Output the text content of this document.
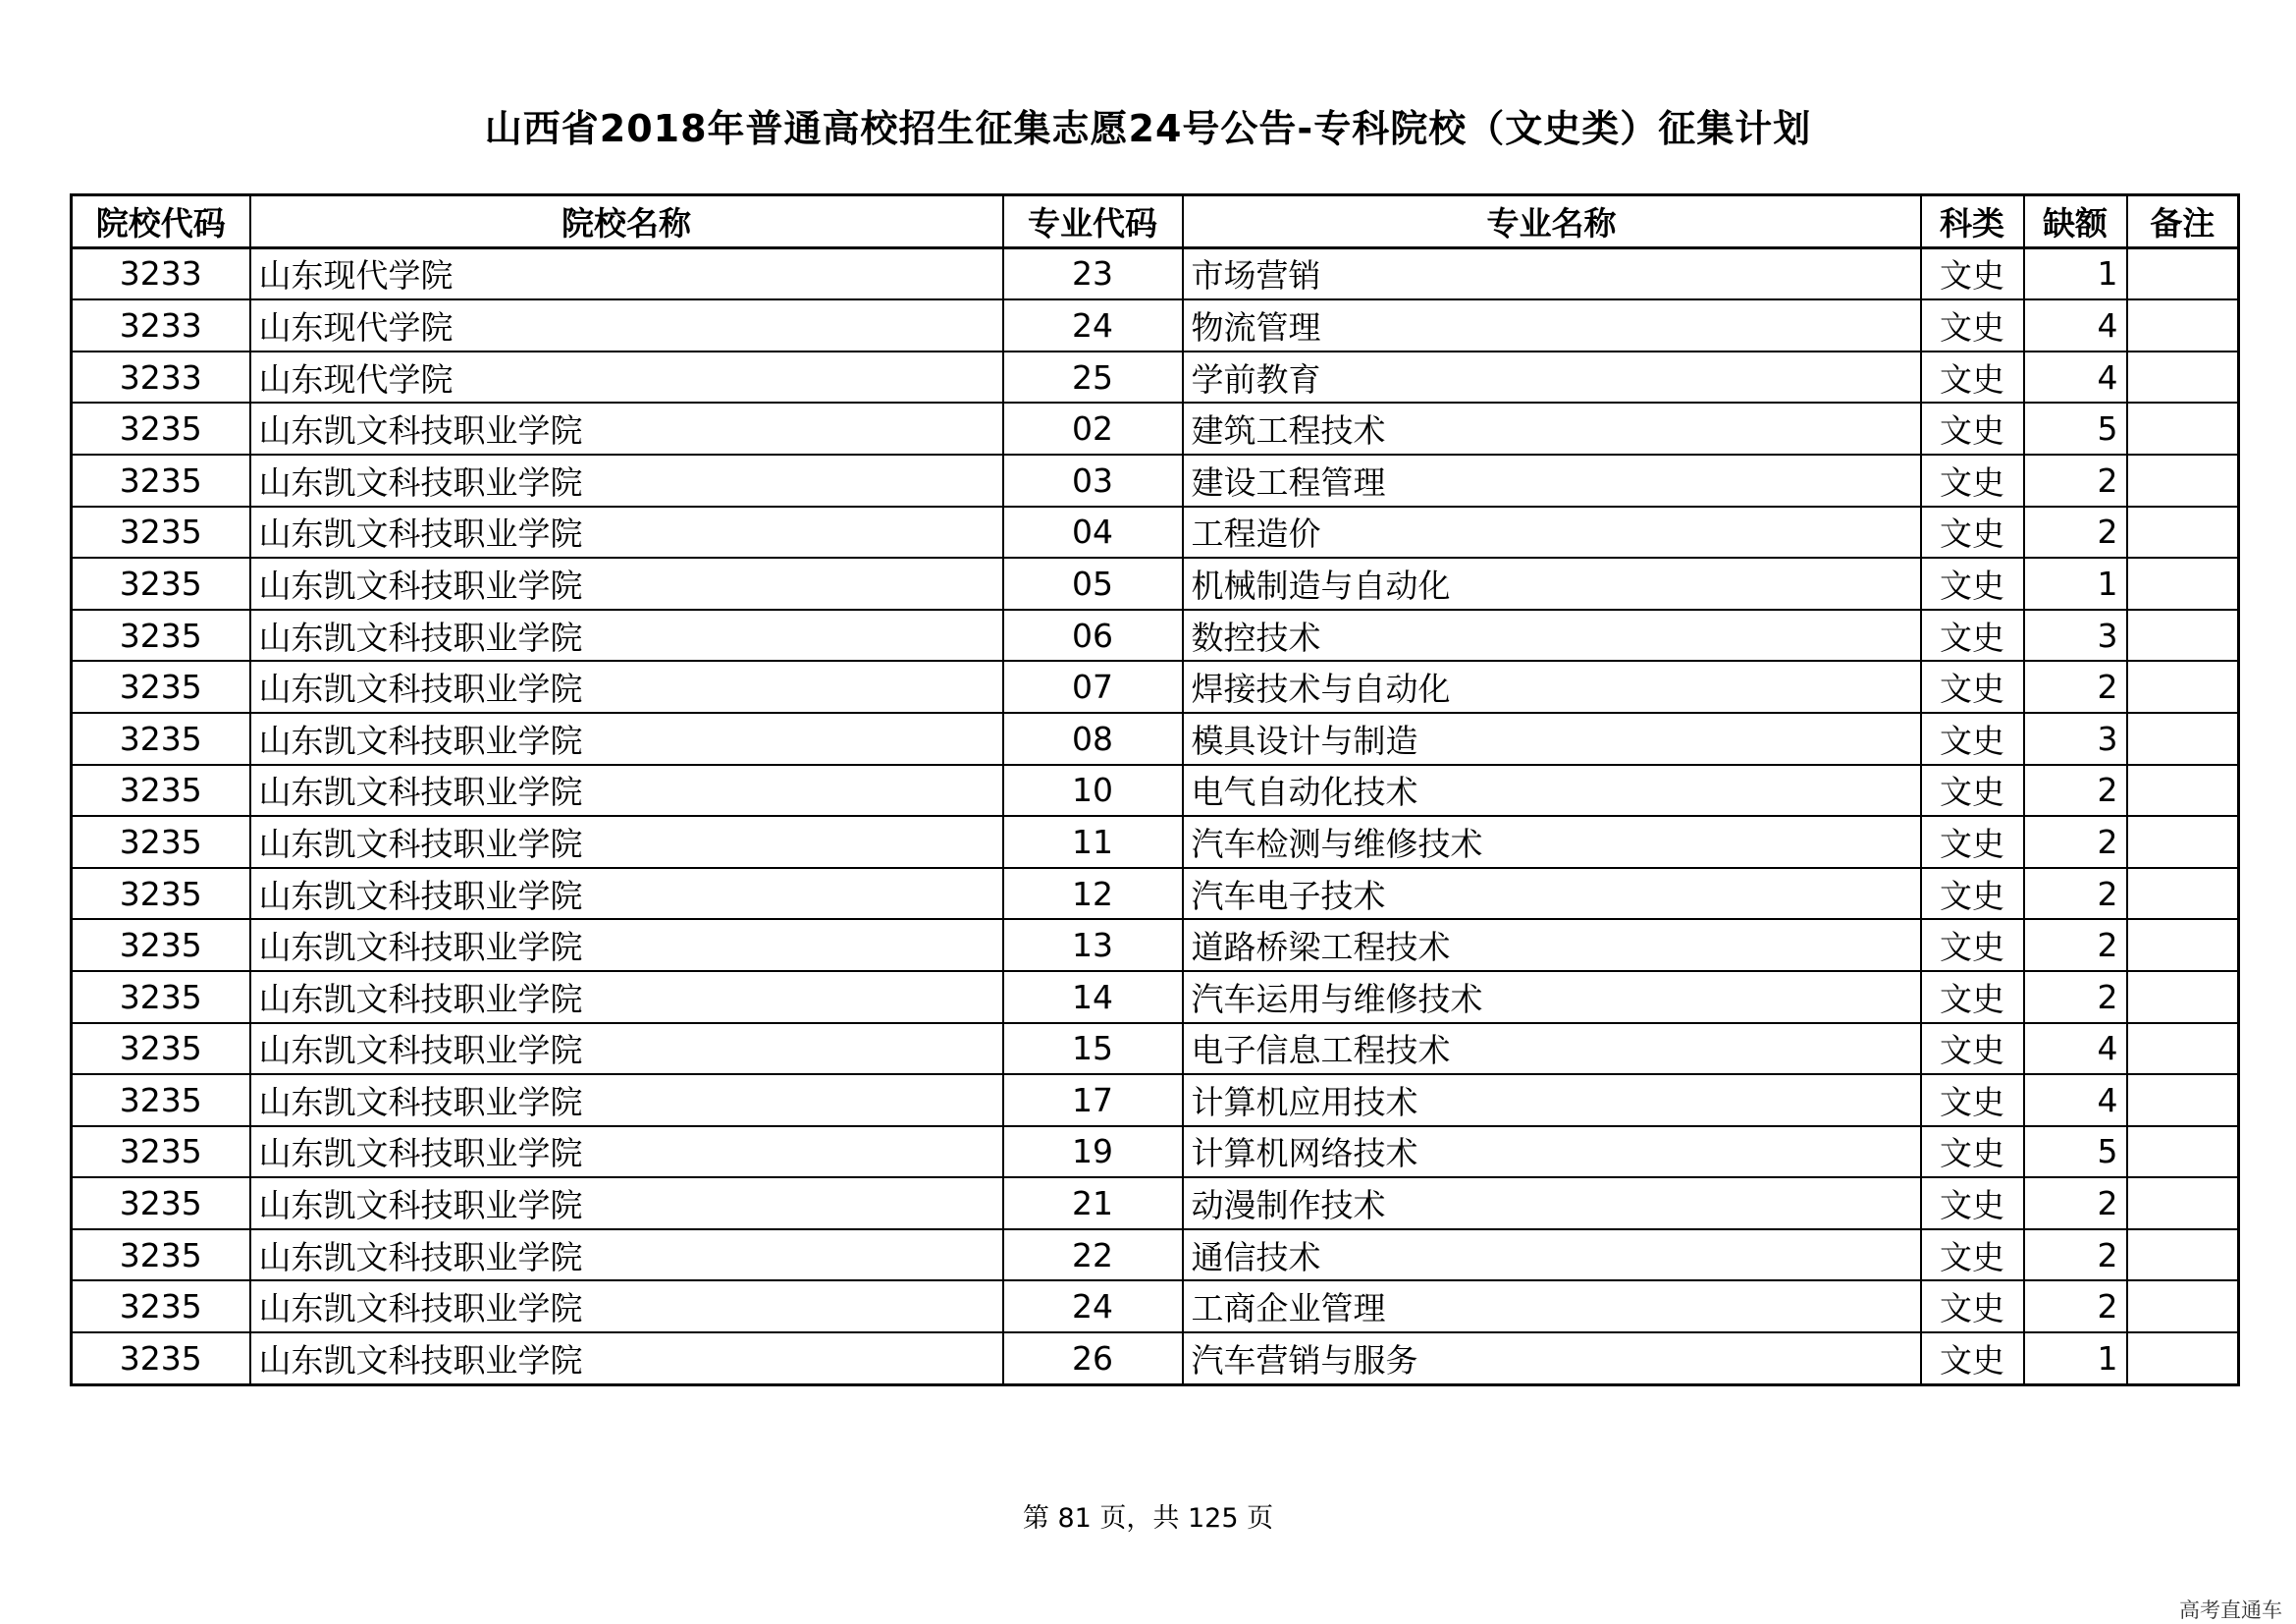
山西省2018年普通高校招生征集志愿24号公告-专科院校（文史类）征集计划
院校代码	院校名称	专业代码	专业名称	科类	缺额	备注
3233	山东现代学院	23	市场营销	文史	1	
3233	山东现代学院	24	物流管理	文史	4	
3233	山东现代学院	25	学前教育	文史	4	
3235	山东凯文科技职业学院	02	建筑工程技术	文史	5	
3235	山东凯文科技职业学院	03	建设工程管理	文史	2	
3235	山东凯文科技职业学院	04	工程造价	文史	2	
3235	山东凯文科技职业学院	05	机械制造与自动化	文史	1	
3235	山东凯文科技职业学院	06	数控技术	文史	3	
3235	山东凯文科技职业学院	07	焊接技术与自动化	文史	2	
3235	山东凯文科技职业学院	08	模具设计与制造	文史	3	
3235	山东凯文科技职业学院	10	电气自动化技术	文史	2	
3235	山东凯文科技职业学院	11	汽车检测与维修技术	文史	2	
3235	山东凯文科技职业学院	12	汽车电子技术	文史	2	
3235	山东凯文科技职业学院	13	道路桥梁工程技术	文史	2	
3235	山东凯文科技职业学院	14	汽车运用与维修技术	文史	2	
3235	山东凯文科技职业学院	15	电子信息工程技术	文史	4	
3235	山东凯文科技职业学院	17	计算机应用技术	文史	4	
3235	山东凯文科技职业学院	19	计算机网络技术	文史	5	
3235	山东凯文科技职业学院	21	动漫制作技术	文史	2	
3235	山东凯文科技职业学院	22	通信技术	文史	2	
3235	山东凯文科技职业学院	24	工商企业管理	文史	2	
3235	山东凯文科技职业学院	26	汽车营销与服务	文史	1	
第 81 页，共 125 页
高考直通车
